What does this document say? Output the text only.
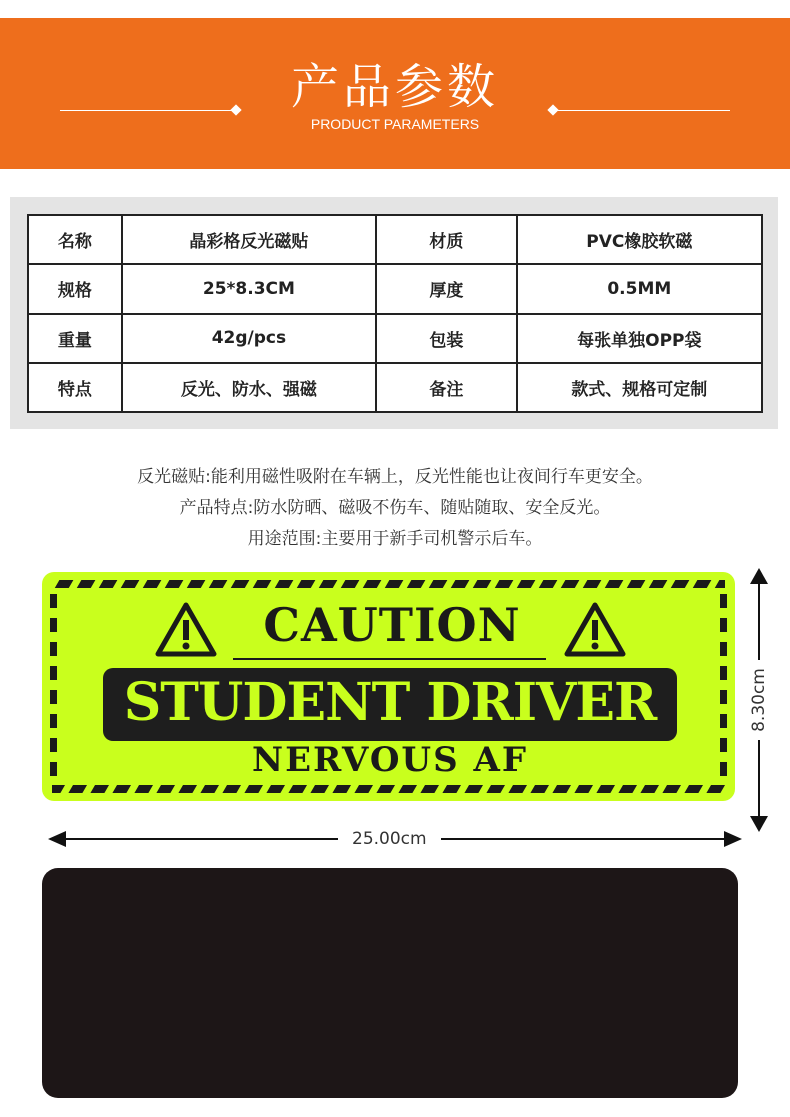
产品参数
PRODUCT PARAMETERS
名称	晶彩格反光磁贴	材质	PVC橡胶软磁
规格	25*8.3CM	厚度	0.5MM
重量	42g/pcs	包装	每张单独OPP袋
特点	反光、防水、强磁	备注	款式、规格可定制
反光磁贴:能利用磁性吸附在车辆上，反光性能也让夜间行车更安全。
产品特点:防水防晒、磁吸不伤车、随贴随取、安全反光。
用途范围:主要用于新手司机警示后车。
CAUTION
STUDENT DRIVER
NERVOUS AF
8.30cm
25.00cm
